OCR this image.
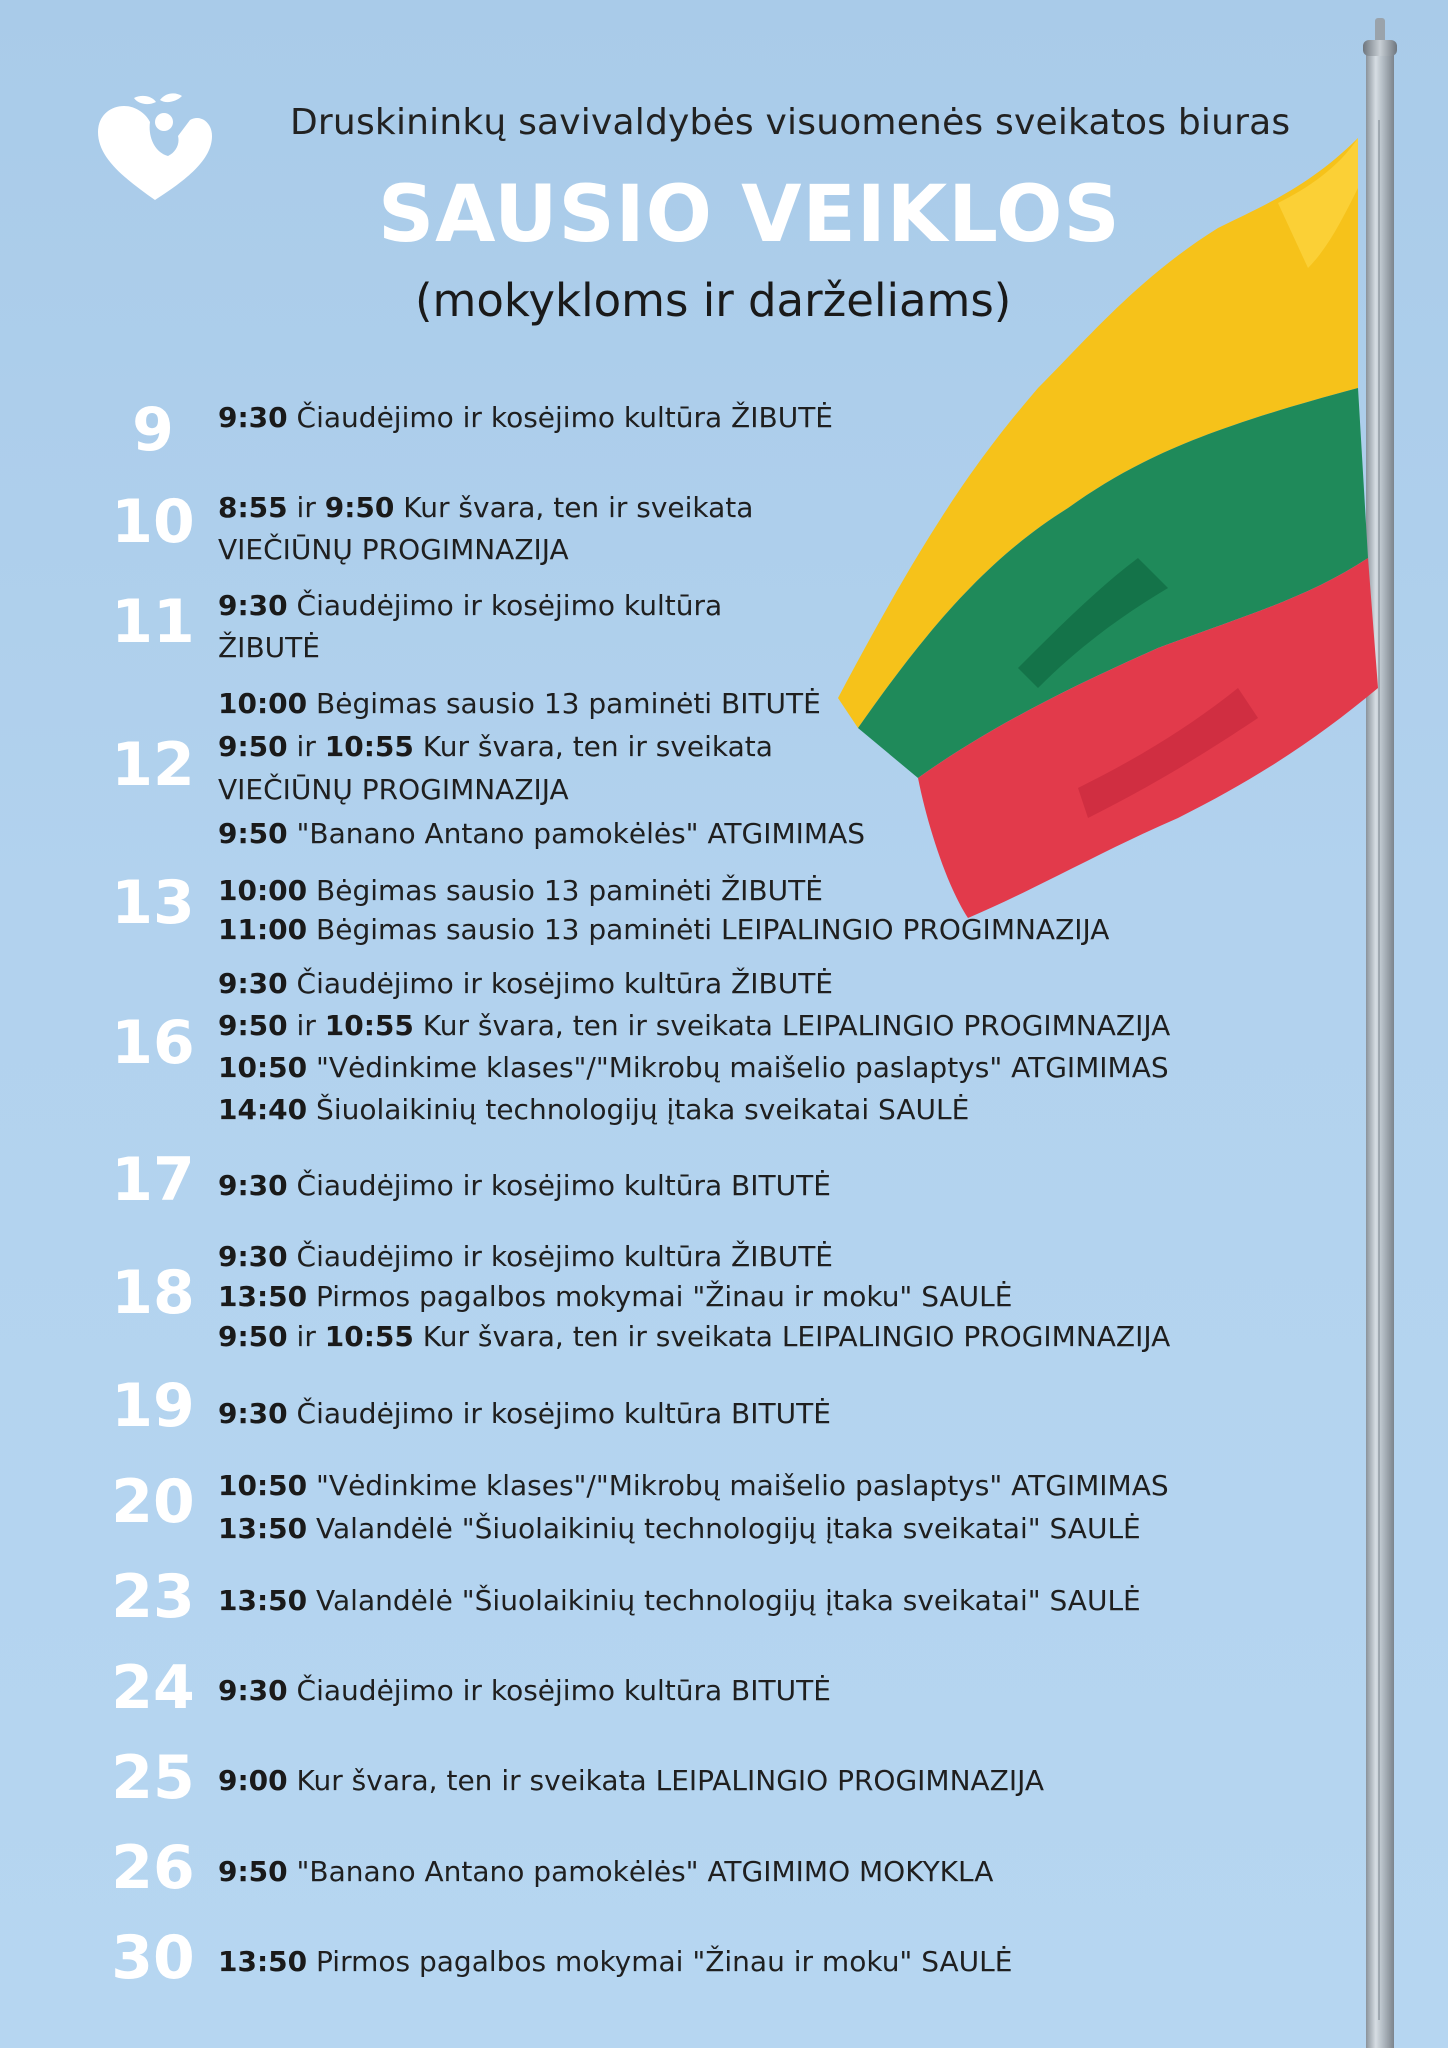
Druskininkų savivaldybės visuomenės sveikatos biuras
SAUSIO VEIKLOS
(mokykloms ir darželiams)
9	9:30 Čiaudėjimo ir kosėjimo kultūra ŽIBUTĖ
10 8:55 ir 9:50 Kur švara, ten ir sveikata
VIEČIŪNŲ PROGIMNAZIJA
11 9:30 Čiaudėjimo ir kosėjimo kultūra
ŽIBUTĖ
12
10:00 Bėgimas sausio 13 paminėti BITUTĖ
9:50 ir 10:55 Kur švara, ten ir sveikata
VIEČIŪNŲ PROGIMNAZIJA
9:50 "Banano Antano pamokėlės" ATGIMIMAS
13 10:00 Bėgimas sausio 13 paminėti ŽIBUTĖ
11:00 Bėgimas sausio 13 paminėti LEIPALINGIO PROGIMNAZIJA
16
9:30 Čiaudėjimo ir kosėjimo kultūra ŽIBUTĖ
9:50 ir 10:55 Kur švara, ten ir sveikata LEIPALINGIO PROGIMNAZIJA
10:50 "Vėdinkime klases"/"Mikrobų maišelio paslaptys" ATGIMIMAS
14:40 Šiuolaikinių technologijų įtaka sveikatai SAULĖ
17 9:30 Čiaudėjimo ir kosėjimo kultūra BITUTĖ
18
9:30 Čiaudėjimo ir kosėjimo kultūra ŽIBUTĖ
13:50 Pirmos pagalbos mokymai "Žinau ir moku" SAULĖ
9:50 ir 10:55 Kur švara, ten ir sveikata LEIPALINGIO PROGIMNAZIJA
19 9:30 Čiaudėjimo ir kosėjimo kultūra BITUTĖ
20 10:50 "Vėdinkime klases"/"Mikrobų maišelio paslaptys" ATGIMIMAS
13:50 Valandėlė "Šiuolaikinių technologijų įtaka sveikatai" SAULĖ
23 13:50 Valandėlė "Šiuolaikinių technologijų įtaka sveikatai" SAULĖ
24 9:30 Čiaudėjimo ir kosėjimo kultūra BITUTĖ
25 9:00 Kur švara, ten ir sveikata LEIPALINGIO PROGIMNAZIJA
26 9:50 "Banano Antano pamokėlės" ATGIMIMO MOKYKLA
30 13:50 Pirmos pagalbos mokymai "Žinau ir moku" SAULĖ
